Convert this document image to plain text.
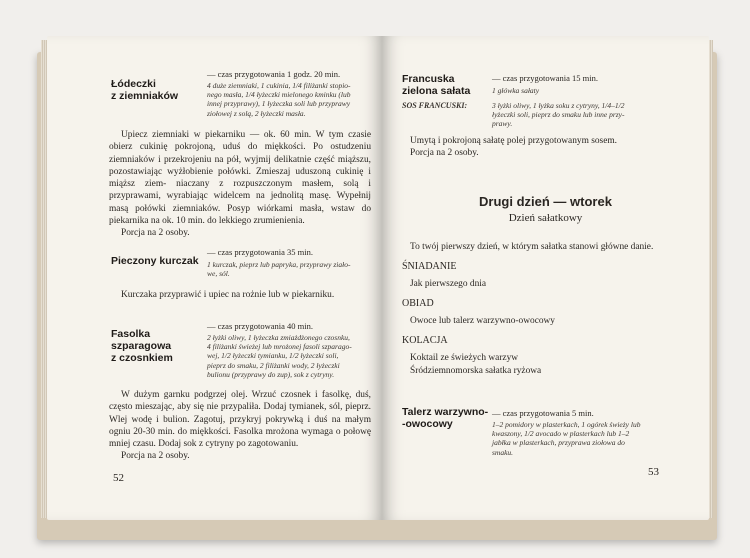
Łódeczki
z ziemniaków
— czas przygotowania 1 godz. 20 min.
4 duże ziemniaki, 1 cukinia, 1/4 filiżanki stopio-
nego masła, 1/4 łyżeczki mielonego kminku (lub
innej przyprawy), 1 łyżeczka soli lub przyprawy
ziołowej z solą, 2 łyżeczki masła.

Upiecz ziemniaki w piekarniku — ok. 60 min. W tym czasie obierz cukinię pokrojoną, uduś do miękkości. Po ostudzeniu ziemniaków i przekrojeniu na pół, wyjmij delikatnie część miąższu, pozostawiając wyżłobienie połówki. Zmieszaj uduszoną cukinię i miąższ ziem- niaczany z rozpuszczonym masłem, solą i przyprawami, wyrabiając widelcem na jednolitą masę. Wypełnij masą połówki ziemniaków. Posyp wiórkami masła, wstaw do piekarnika na ok. 10 min. do lekkiego zrumienienia.

Porcja na 2 osoby.

Pieczony kurczak
— czas przygotowania 35 min.
1 kurczak, pieprz lub papryka, przyprawy ziało-
we, sól.

Kurczaka przyprawić i upiec na rożnie lub w piekarniku.

Fasolka
szparagowa
z czosnkiem
— czas przygotowania 40 min.
2 łyżki oliwy, 1 łyżeczka zmiażdżonego czosnku,
4 filiżanki świeżej lub mrożonej fasoli szparago-
wej, 1/2 łyżeczki tymianku, 1/2 łyżeczki soli,
pieprz do smaku, 2 filiżanki wody, 2 łyżeczki
bulionu (przyprawy do zup), sok z cytryny.

W dużym garnku podgrzej olej. Wrzuć czosnek i fasolkę, duś, często mieszając, aby się nie przypaliła. Dodaj tymianek, sól, pieprz. Wlej wodę i bulion. Zagotuj, przykryj pokrywką i duś na małym ogniu 20-30 min. do miękkości. Fasolka mrożona wymaga o połowę mniej czasu. Dodaj sok z cytryny po zagotowaniu.

Porcja na 2 osoby.

52
Francuska
zielona sałata
— czas przygotowania 15 min.
1 główka sałaty
SOS FRANCUSKI:	3 łyżki oliwy, 1 łyżka soku z cytryny, 1/4–1/2
łyżeczki soli, pieprz do smaku lub inne przy-
prawy.

Umytą i pokrojoną sałatę polej przygotowanym sosem.

Porcja na 2 osoby.

Drugi dzień — wtorek
Dzień sałatkowy
To twój pierwszy dzień, w którym sałatka stanowi główne danie.
ŚNIADANIE
Jak pierwszego dnia
OBIAD
Owoce lub talerz warzywno-owocowy
KOLACJA
Koktail ze świeżych warzyw
Śródziemnomorska sałatka ryżowa
Talerz warzywno-
-owocowy
— czas przygotowania 5 min.
1–2 pomidory w plasterkach, 1 ogórek świeży lub
kwaszony, 1/2 avocado w plasterkach lub 1–2
jabłka w plasterkach, przyprawa ziołowa do
smaku.
53
